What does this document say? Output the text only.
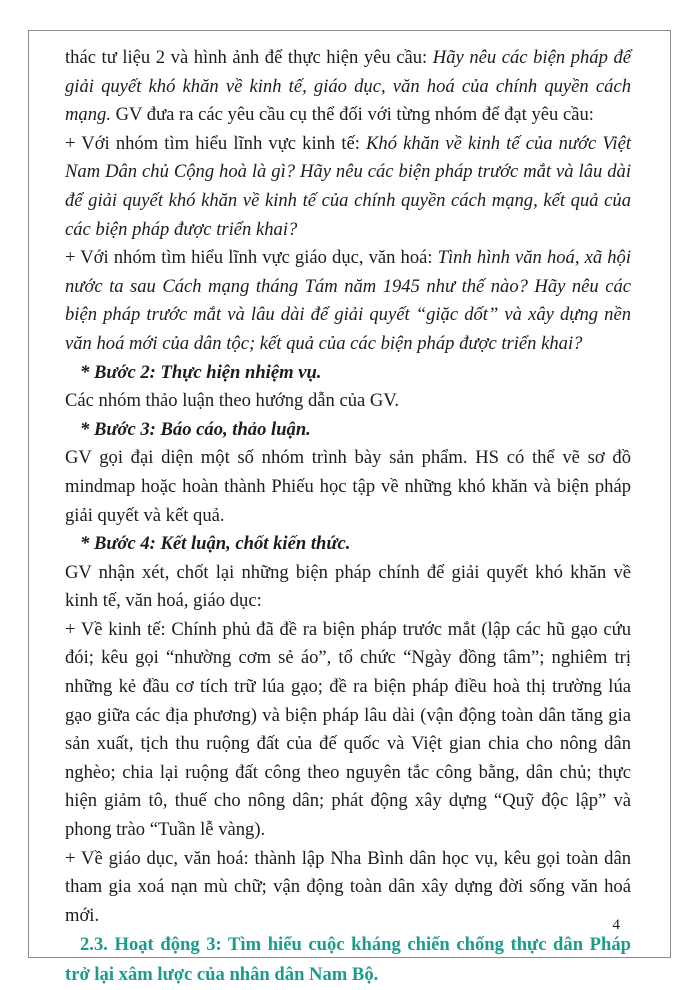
thác tư liệu 2 và hình ảnh để thực hiện yêu cầu: Hãy nêu các biện pháp để giải quyết khó khăn về kinh tế, giáo dục, văn hoá của chính quyền cách mạng. GV đưa ra các yêu cầu cụ thể đối với từng nhóm để đạt yêu cầu:

+ Với nhóm tìm hiểu lĩnh vực kinh tế: Khó khăn về kinh tế của nước Việt Nam Dân chủ Cộng hoà là gì? Hãy nêu các biện pháp trước mắt và lâu dài để giải quyết khó khăn về kinh tế của chính quyền cách mạng, kết quả của các biện pháp được triển khai?

+ Với nhóm tìm hiểu lĩnh vực giáo dục, văn hoá: Tình hình văn hoá, xã hội nước ta sau Cách mạng tháng Tám năm 1945 như thế nào? Hãy nêu các biện pháp trước mắt và lâu dài để giải quyết “giặc dốt” và xây dựng nền văn hoá mới của dân tộc; kết quả của các biện pháp được triển khai?

* Bước 2: Thực hiện nhiệm vụ.

Các nhóm thảo luận theo hướng dẫn của GV.

* Bước 3: Báo cáo, thảo luận.

GV gọi đại diện một số nhóm trình bày sản phẩm. HS có thể vẽ sơ đồ mindmap hoặc hoàn thành Phiếu học tập về những khó khăn và biện pháp giải quyết và kết quả.

* Bước 4: Kết luận, chốt kiến thức.

GV nhận xét, chốt lại những biện pháp chính để giải quyết khó khăn về kinh tế, văn hoá, giáo dục:

+ Về kinh tế: Chính phủ đã đề ra biện pháp trước mắt (lập các hũ gạo cứu đói; kêu gọi “nhường cơm sẻ áo”, tổ chức “Ngày đồng tâm”; nghiêm trị những kẻ đầu cơ tích trữ lúa gạo; đề ra biện pháp điều hoà thị trường lúa gạo giữa các địa phương) và biện pháp lâu dài (vận động toàn dân tăng gia sản xuất, tịch thu ruộng đất của đế quốc và Việt gian chia cho nông dân nghèo; chia lại ruộng đất công theo nguyên tắc công bằng, dân chủ; thực hiện giảm tô, thuế cho nông dân; phát động xây dựng “Quỹ độc lập” và phong trào “Tuần lễ vàng).

+ Về giáo dục, văn hoá: thành lập Nha Bình dân học vụ, kêu gọi toàn dân tham gia xoá nạn mù chữ; vận động toàn dân xây dựng đời sống văn hoá mới.

2.3. Hoạt động 3: Tìm hiểu cuộc kháng chiến chống thực dân Pháp trở lại xâm lược của nhân dân Nam Bộ.

4
